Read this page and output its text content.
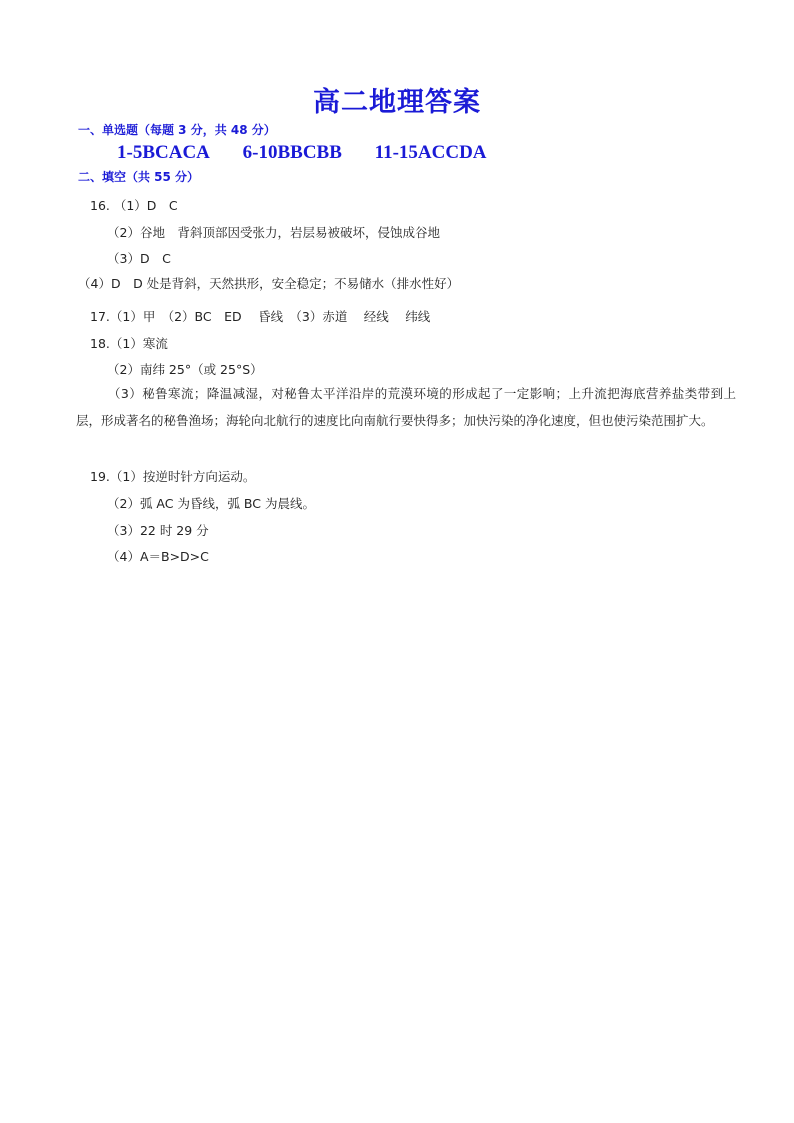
高二地理答案
一、单选题（每题 3 分，共 48 分）
1-5BCACA 6-10BBCBB 11-15ACCDA
二、填空（共 55 分）
16. （1）D　C
（2）谷地　背斜顶部因受张力，岩层易被破坏，侵蚀成谷地
（3）D　C
（4）D　D 处是背斜，天然拱形，安全稳定；不易储水（排水性好）
17.（1）甲　（2）BC　ED　 昏线　（3）赤道　 经线　 纬线
18.（1）寒流
（2）南纬 25°（或 25°S）
（3）秘鲁寒流；降温减湿，对秘鲁太平洋沿岸的荒漠环境的形成起了一定影响；上升流把海底营养盐类带到上层，形成著名的秘鲁渔场；海轮向北航行的速度比向南航行要快得多；加快污染的净化速度，但也使污染范围扩大。
19.（1）按逆时针方向运动。
（2）弧 AC 为昏线，弧 BC 为晨线。
（3）22 时 29 分
（4）A＝B>D>C
